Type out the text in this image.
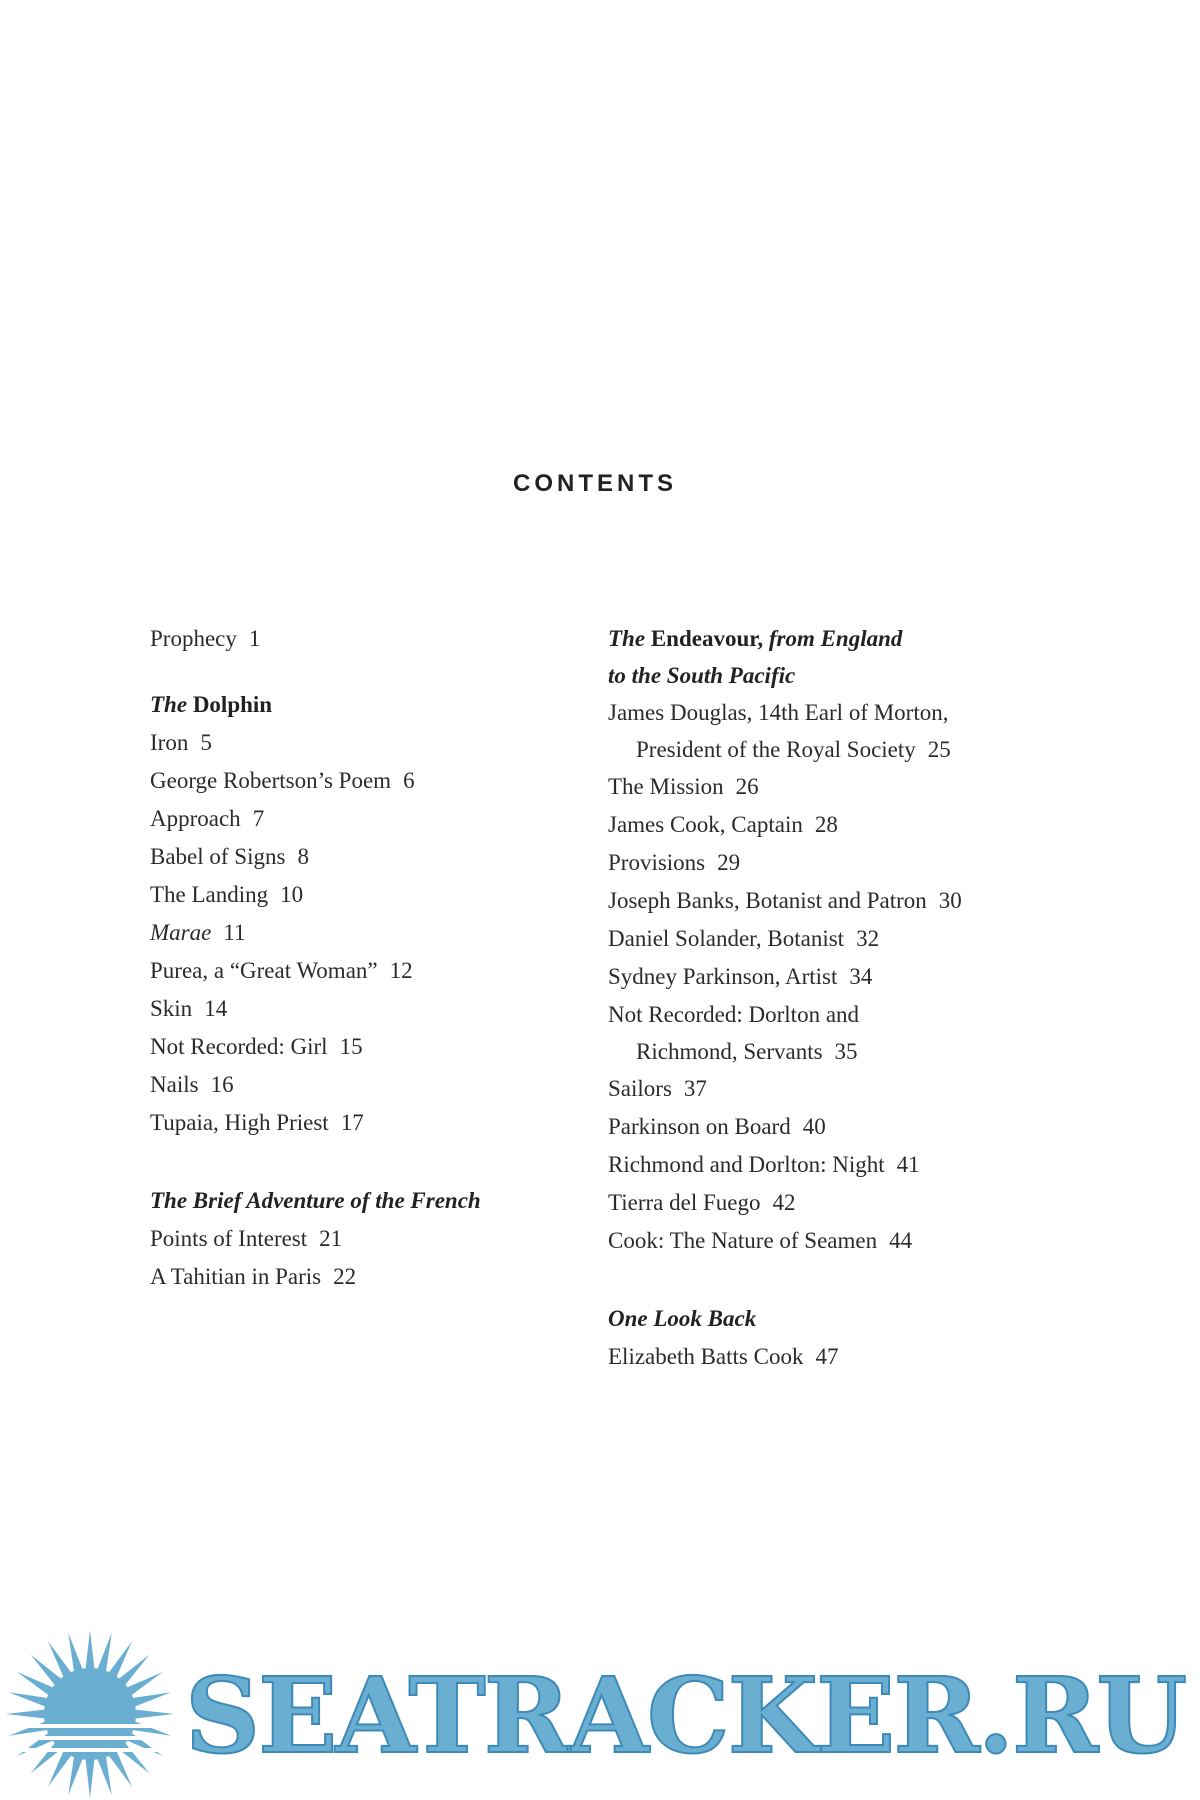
CONTENTS
Prophecy 1
The Dolphin
Iron 5
George Robertson’s Poem 6
Approach 7
Babel of Signs 8
The Landing 10
Marae 11
Purea, a “Great Woman” 12
Skin 14
Not Recorded: Girl 15
Nails 16
Tupaia, High Priest 17
The Brief Adventure of the French
Points of Interest 21
A Tahitian in Paris 22
The Endeavour, from England
to the South Pacific
James Douglas, 14th Earl of Morton,
President of the Royal Society 25
The Mission 26
James Cook, Captain 28
Provisions 29
Joseph Banks, Botanist and Patron 30
Daniel Solander, Botanist 32
Sydney Parkinson, Artist 34
Not Recorded: Dorlton and
Richmond, Servants 35
Sailors 37
Parkinson on Board 40
Richmond and Dorlton: Night 41
Tierra del Fuego 42
Cook: The Nature of Seamen 44
One Look Back
Elizabeth Batts Cook 47
SEATRACKER.RU
